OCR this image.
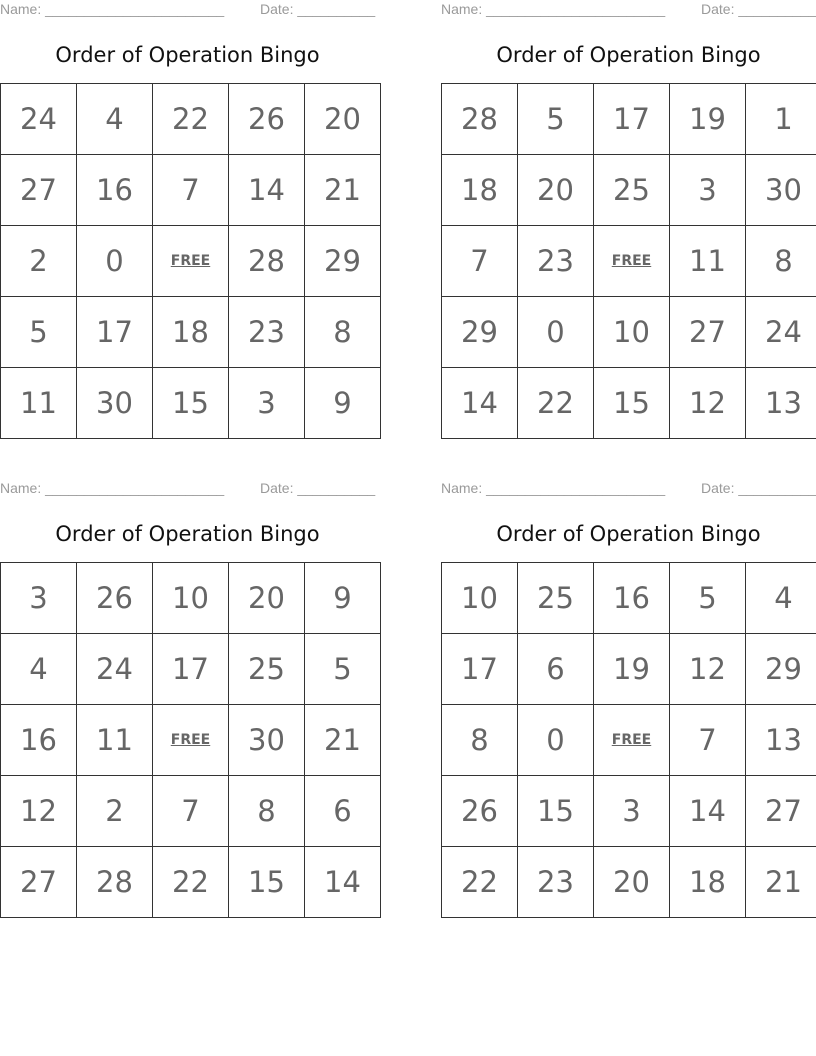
Name: _______________________	Date: __________
Order of Operation Bingo
24	4	22	26	20
27	16	7	14	21
2	0	FREE	28	29
5	17	18	23	8
11	30	15	3	9
Name: _______________________	Date: __________
Order of Operation Bingo
28	5	17	19	1
18	20	25	3	30
7	23	FREE	11	8
29	0	10	27	24
14	22	15	12	13
Name: _______________________	Date: __________
Order of Operation Bingo
3	26	10	20	9
4	24	17	25	5
16	11	FREE	30	21
12	2	7	8	6
27	28	22	15	14
Name: _______________________	Date: __________
Order of Operation Bingo
10	25	16	5	4
17	6	19	12	29
8	0	FREE	7	13
26	15	3	14	27
22	23	20	18	21
